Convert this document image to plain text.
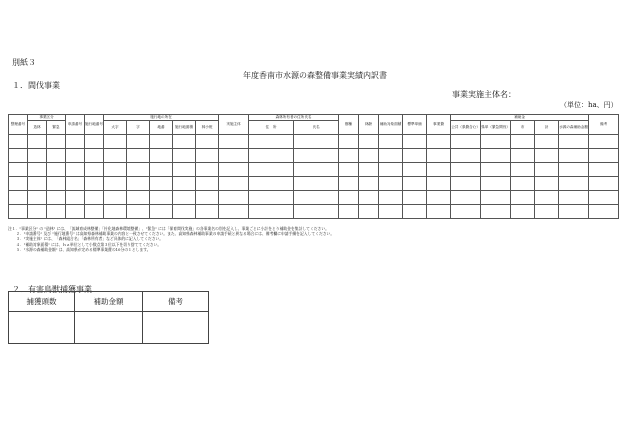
別紙３
年度香南市水源の森整備事業実績内訳書
１．間伐事業
事業実施主体名：
（単位：ha、円）
整理番号	事業区分		申請番号	施行地番号	施行地の所在					実施主体	森林所有者の住所氏名		樹種	林齢	補助対象面積	標準単価	事業費	補助金					備考
	造林	緊急			大字	字	地番	施行地面積	林小班		住　所	氏名						公共（県費含む）	県単（緊急間伐）	市	計	水源の森補助金額	

注１．"事業区分" の "造林" には、「流域育成林整備」「针化地森林環境整備」、"緊急" には「保育間伐実施」の各事業名の別を記入し、事業ごとに小計をとり補助金を集計してください。
２．"申請番号" 及び "施行地番号" は高知県森林補助事業の内容と一致させてください。また、高知県森林補助事業の申請手続と異なる場合には、備考欄に申請手續を記入してください。
３．"実施主体" には、「森林組合名」「森林所有者」など具体的に記入してください。
４．"補助対象面積" には、ｈａ単位として小数点第３位以下を切り捨ててください。
５．"水源の森補助金額" は、高知県が定める標準事業費の10分の１とします。
２．有害鳥獣捕獲事業
捕獲頭数	補助金額	備考
